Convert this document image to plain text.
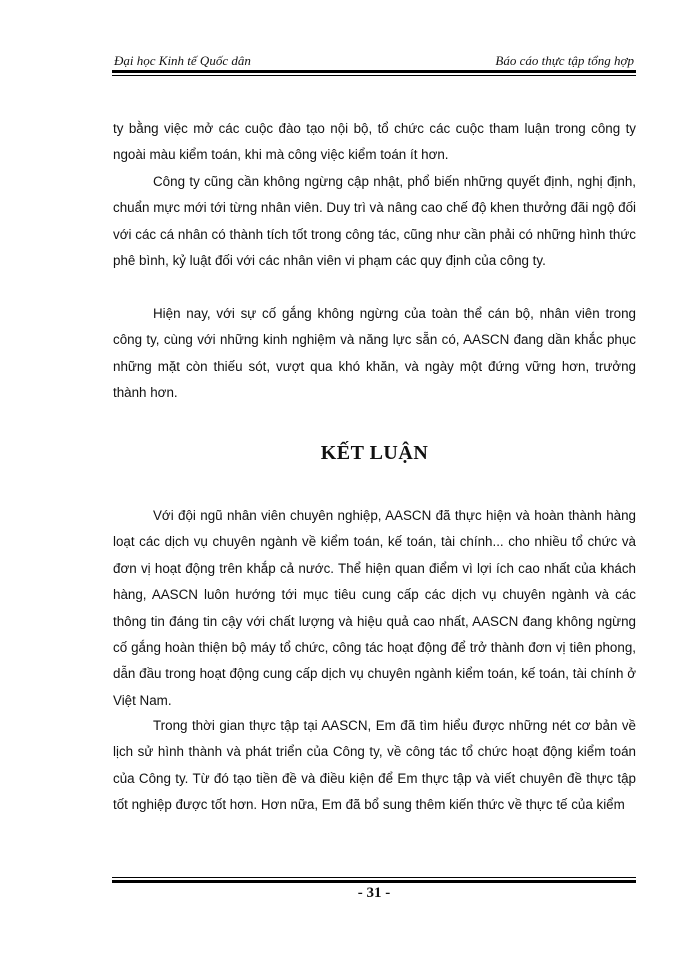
Đại học Kinh tế Quốc dân	Báo cáo thực tập tổng hợp

ty bằng việc mở các cuộc đào tạo nội bộ, tổ chức các cuộc tham luận trong công ty ngoài màu kiểm toán, khi mà công việc kiểm toán ít hơn.

Công ty cũng cần không ngừng cập nhật, phổ biến những quyết định, nghị định, chuẩn mực mới tới từng nhân viên. Duy trì và nâng cao chế độ khen thưởng đãi ngộ đối với các cá nhân có thành tích tốt trong công tác, cũng như cần phải có những hình thức phê bình, kỷ luật đối với các nhân viên vi phạm các quy định của công ty.

Hiện nay, với sự cố gắng không ngừng của toàn thể cán bộ, nhân viên trong công ty, cùng với những kinh nghiệm và năng lực sẵn có, AASCN đang dần khắc phục những mặt còn thiếu sót, vượt qua khó khăn, và ngày một đứng vững hơn, trưởng thành hơn.

KẾT LUẬN

Với đội ngũ nhân viên chuyên nghiệp, AASCN đã thực hiện và hoàn thành hàng loạt các dịch vụ chuyên ngành về kiểm toán, kế toán, tài chính... cho nhiều tổ chức và đơn vị hoạt động trên khắp cả nước. Thể hiện quan điểm vì lợi ích cao nhất của khách hàng, AASCN luôn hướng tới mục tiêu cung cấp các dịch vụ chuyên ngành và các thông tin đáng tin cậy với chất lượng và hiệu quả cao nhất, AASCN đang không ngừng cố gắng hoàn thiện bộ máy tổ chức, công tác hoạt động để trở thành đơn vị tiên phong, dẫn đầu trong hoạt động cung cấp dịch vụ chuyên ngành kiểm toán, kế toán, tài chính ở Việt Nam.

Trong thời gian thực tập tại AASCN, Em đã tìm hiểu được những nét cơ bản về lịch sử hình thành và phát triển của Công ty, về công tác tổ chức hoạt động kiểm toán của Công ty. Từ đó tạo tiền đề và điều kiện để Em thực tập và viết chuyên đề thực tập tốt nghiệp được tốt hơn. Hơn nữa, Em đã bổ sung thêm kiến thức về thực tế của kiểm

- 31 -
